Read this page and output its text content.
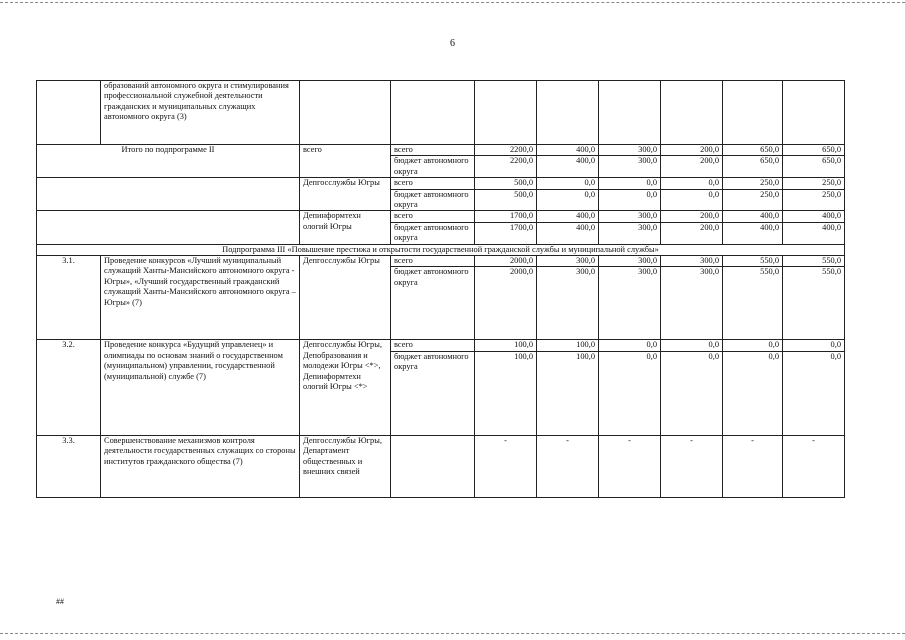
6
	образований автономного округа и стимулирования профессиональной служебной деятельности гражданских и муниципальных служащих автономного округа (3)								
Итого по подпрограмме II		всего	всего	2200,0	400,0	300,0	200,0	650,0	650,0
			бюджет автономного округа	2200,0	400,0	300,0	200,0	650,0	650,0
		Депгосслужбы Югры	всего	500,0	0,0	0,0	0,0	250,0	250,0
			бюджет автономного округа	500,0	0,0	0,0	0,0	250,0	250,0
		Депинформтехн ологий Югры	всего	1700,0	400,0	300,0	200,0	400,0	400,0
			бюджет автономного округа	1700,0	400,0	300,0	200,0	400,0	400,0
Подпрограмма III «Повышение престижа и открытости государственной гражданской службы и муниципальной службы»									
3.1.	Проведение конкурсов «Лучший муниципальный служащий Ханты-Мансийского автономного округа - Югры», «Лучший государственный гражданский служащий Ханты-Мансийского автономного округа – Югры» (7)	Депгосслужбы Югры	всего	2000,0	300,0	300,0	300,0	550,0	550,0
			бюджет автономного округа	2000,0	300,0	300,0	300,0	550,0	550,0
3.2.	Проведение конкурса «Будущий управленец» и олимпиады по основам знаний о государственном (муниципальном) управлении, государственной (муниципальной) службе (7)	Депгосслужбы Югры, Депобразования и молодежи Югры <*>, Депинформтехн ологий Югры <*>	всего	100,0	100,0	0,0	0,0	0,0	0,0
			бюджет автономного округа	100,0	100,0	0,0	0,0	0,0	0,0
3.3.	Совершенствование механизмов контроля деятельности государственных служащих со стороны институтов гражданского общества (7)	Депгосслужбы Югры, Департамент общественных и внешних связей		-	-	-	-	-	-
##
